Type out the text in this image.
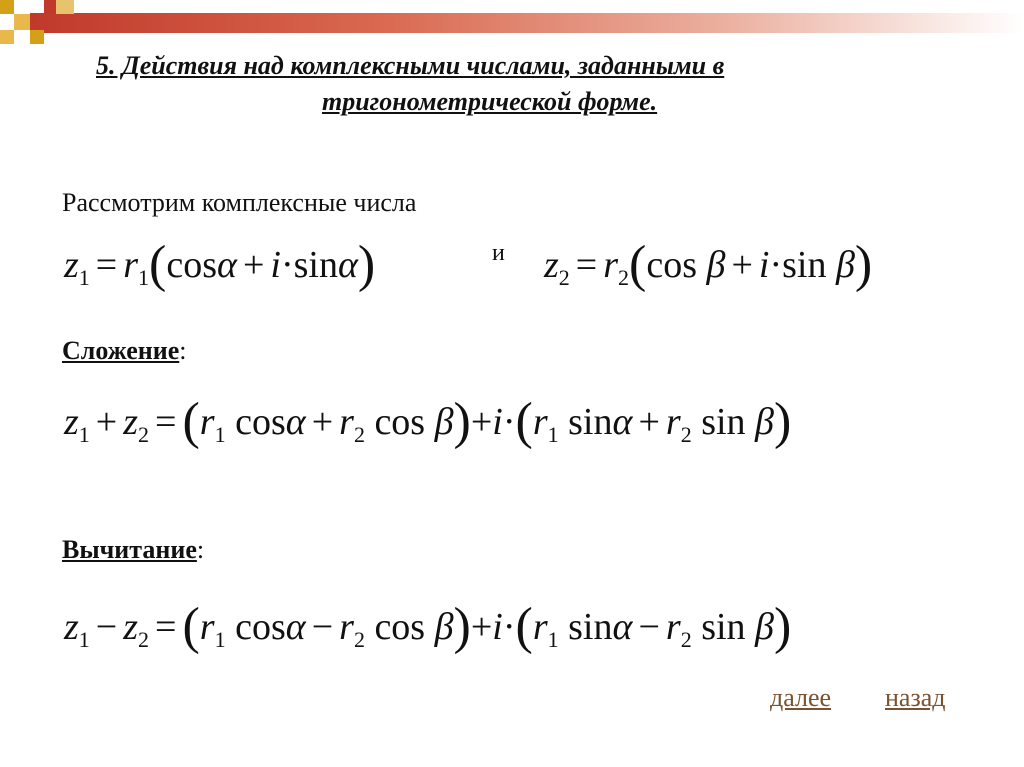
5. Действия над комплексными числами, заданными в
тригонометрической форме.
Рассмотрим комплексные числа
$z_1 = r_1(\cos\alpha + i\cdot\sin\alpha)$	и $z_2 = r_2(\cos$ β + i·sin β)
Сложение:
$z_1 + z_2 = (r_1$ $\cos\alpha + r_2$ $\cos \beta)+i\cdot(r_1$ $\sin\alpha + r_2$ sin β)
Вычитание:
$z_1 - z_2 = (r_1$ $\cos\alpha - r_2$ $\cos \beta)+i\cdot(r_1$ $\sin\alpha - r_2$ sin β)
далее назад
